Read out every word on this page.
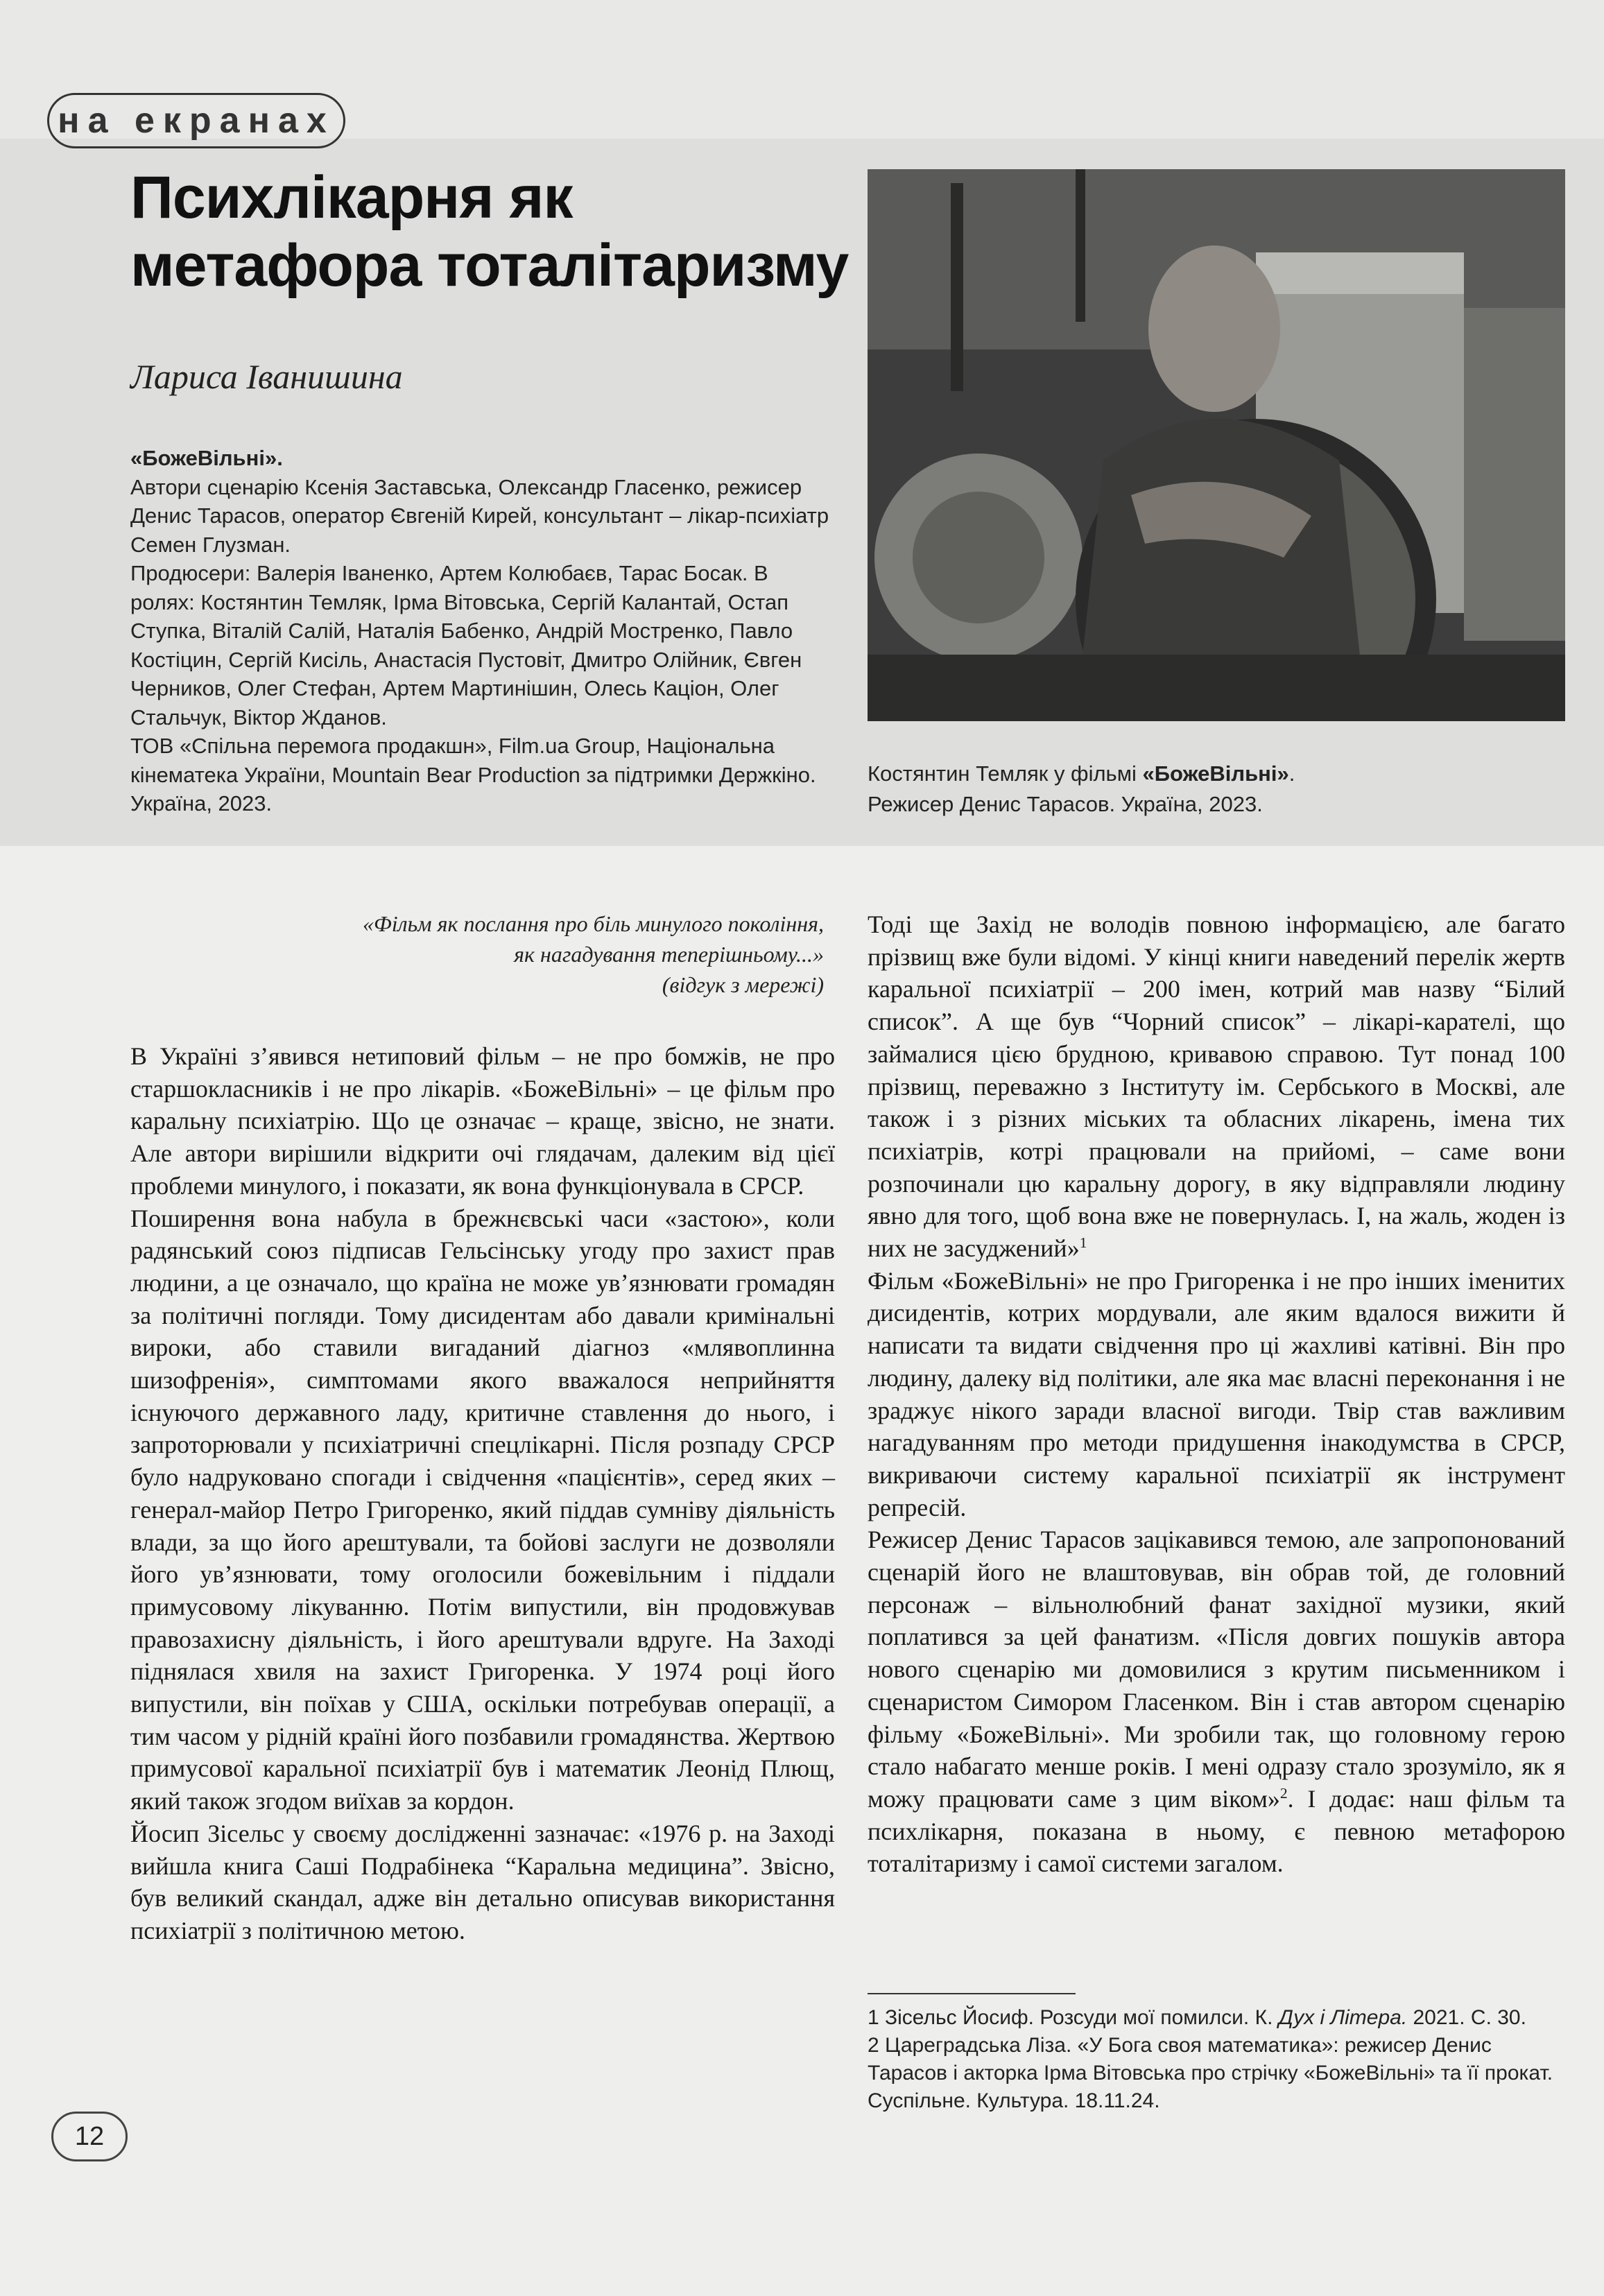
на екранах
Психлікарня як метафора тоталітаризму
Лариса Іванишина

«БожеВільні».

Автори сценарію Ксенія Заставська, Олександр Гласенко, режисер Денис Тарасов, оператор Євгеній Кирей, консультант – лікар-психіатр Семен Глузман.

Продюсери: Валерія Іваненко, Артем Колюбаєв, Тарас Босак. В ролях: Костянтин Темляк, Ірма Вітовська, Сергій Калантай, Остап Ступка, Віталій Салій, Наталія Бабенко, Андрій Мостренко, Павло Костіцин, Сергій Кисіль, Анастасія Пустовіт, Дмитро Олійник, Євген Черников, Олег Стефан, Артем Мартинішин, Олесь Каціон, Олег Стальчук, Віктор Жданов.

ТОВ «Спільна перемога продакшн», Film.ua Group, Національна кінематека України, Mountain Bear Production за підтримки Держкіно. Україна, 2023.

Костянтин Темляк у фільмі «БожеВільні».
Режисер Денис Тарасов. Україна, 2023.
«Фільм як послання про біль минулого покоління,
як нагадування теперішньому...»
(відгук з мережі)

В Україні з’явився нетиповий фільм – не про бомжів, не про старшокласників і не про лікарів. «БожеВільні» – це фільм про каральну психіатрію. Що це означає – краще, звісно, не знати. Але автори вирішили відкрити очі глядачам, далеким від цієї проблеми минулого, і показати, як вона функціонувала в СРСР.

Поширення вона набула в брежнєвські часи «застою», коли радянський союз підписав Гельсінську угоду про захист прав людини, а це означало, що країна не може ув’язнювати громадян за політичні погляди. Тому дисидентам або давали кримінальні вироки, або ставили вигаданий діагноз «млявоплинна шизофренія», симптомами якого вважалося неприйняття існуючого державного ладу, критичне ставлення до нього, і запроторювали у психіатричні спецлікарні. Після розпаду СРСР було надруковано спогади і свідчення «пацієнтів», серед яких – генерал-майор Петро Григоренко, який піддав сумніву діяльність влади, за що його арештували, та бойові заслуги не дозволяли його ув’язнювати, тому оголосили божевільним і піддали примусовому лікуванню. Потім випустили, він продовжував правозахисну діяльність, і його арештували вдруге. На Заході піднялася хвиля на захист Григоренка. У 1974 році його випустили, він поїхав у США, оскільки потребував операції, а тим часом у рідній країні його позбавили громадянства. Жертвою примусової каральної психіатрії був і математик Леонід Плющ, який також згодом виїхав за кордон.

Йосип Зісельс у своєму дослідженні зазначає: «1976 р. на Заході вийшла книга Саші Подрабінека “Каральна медицина”. Звісно, був великий скандал, адже він детально описував використання психіатрії з політичною метою.

Тоді ще Захід не володів повною інформацією, але багато прізвищ вже були відомі. У кінці книги наведений перелік жертв каральної психіатрії – 200 імен, котрий мав назву “Білий список”. А ще був “Чорний список” – лікарі-карателі, що займалися цією брудною, кривавою справою. Тут понад 100 прізвищ, переважно з Інституту ім. Сербського в Москві, але також і з різних міських та обласних лікарень, імена тих психіатрів, котрі працювали на прийомі, – саме вони розпочинали цю каральну дорогу, в яку відправляли людину явно для того, щоб вона вже не повернулась. І, на жаль, жоден із них не засуджений»$^1$

Фільм «БожеВільні» не про Григоренка і не про інших іменитих дисидентів, котрих мордували, але яким вдалося вижити й написати та видати свідчення про ці жахливі катівні. Він про людину, далеку від політики, але яка має власні переконання і не зраджує нікого заради власної вигоди. Твір став важливим нагадуванням про методи придушення інакодумства в СРСР, викриваючи систему каральної психіатрії як інструмент репресій.

Режисер Денис Тарасов зацікавився темою, але запропонований сценарій його не влаштовував, він обрав той, де головний персонаж – вільнолюбний фанат західної музики, який поплатився за цей фанатизм. «Після довгих пошуків автора нового сценарію ми домовилися з крутим письменником і сценаристом Симором Гласенком. Він і став автором сценарію фільму «БожеВільні». Ми зробили так, що головному герою стало набагато менше років. І мені одразу стало зрозуміло, як я можу працювати саме з цим віком»$^2$. І додає: наш фільм та психлікарня, показана в ньому, є певною метафорою тоталітаризму і самої системи загалом.

1 Зісельс Йосиф. Розсуди мої помилси. К. Дух і Літера. 2021. С. 30.

2 Цареградська Ліза. «У Бога своя математика»: режисер Денис Тарасов і акторка Ірма Вітовська про стрічку «БожеВільні» та її прокат. Суспільне. Культура. 18.11.24.

12
